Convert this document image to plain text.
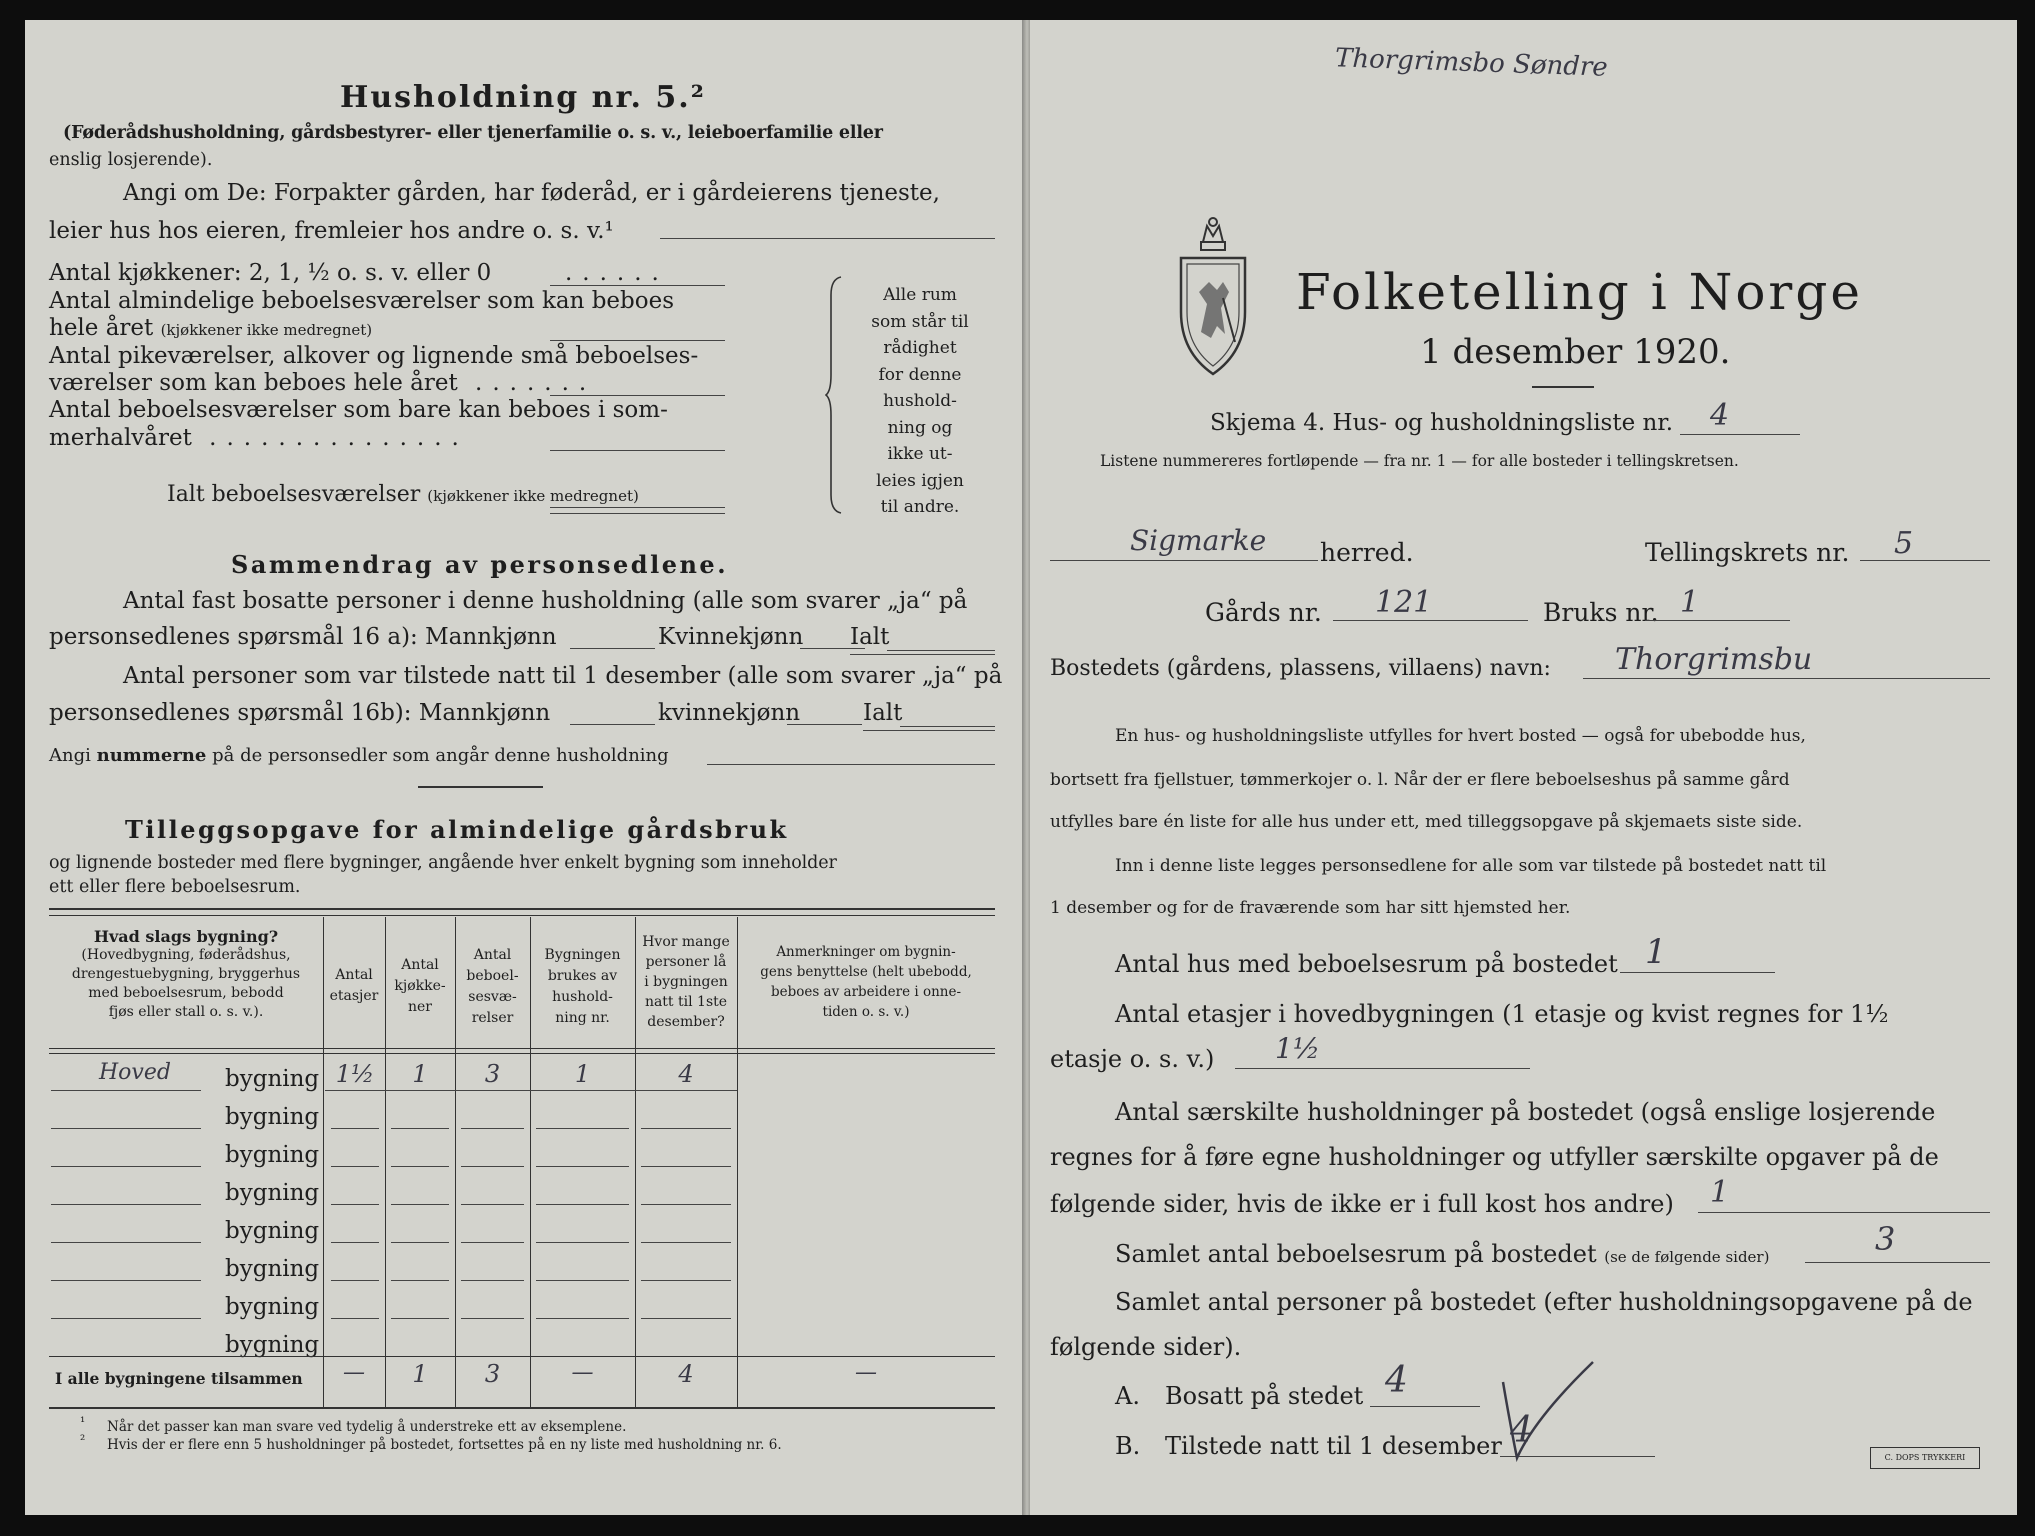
Husholdning nr. 5.²
(Føderådshusholdning, gårdsbestyrer- eller tjenerfamilie o. s. v., leieboerfamilie eller
enslig losjerende).
Angi om De: Forpakter gården, har føderåd, er i gårdeierens tjeneste,
leier hus hos eieren, fremleier hos andre o. s. v.¹
Antal kjøkkener: 2, 1, ½ o. s. v. eller 0	......
Antal almindelige beboelsesværelser som kan beboes
hele året (kjøkkener ikke medregnet)
Antal pikeværelser, alkover og lignende små beboelses-
værelser som kan beboes hele året .......
Antal beboelsesværelser som bare kan beboes i som-
merhalvåret ...............
Ialt beboelsesværelser (kjøkkener ikke medregnet)
Alle rum
som står til
rådighet
for denne
hushold-
ning og
ikke ut-
leies igjen
til andre.
Sammendrag av personsedlene.
Antal fast bosatte personer i denne husholdning (alle som svarer „ja“ på
personsedlenes spørsmål 16 a): Mannkjønn	Kvinnekjønn Ialt
Antal personer som var tilstede natt til 1 desember (alle som svarer „ja“ på
personsedlenes spørsmål 16b): Mannkjønn	kvinnekjønn	Ialt
Angi nummerne på de personsedler som angår denne husholdning
Tilleggsopgave for almindelige gårdsbruk
og lignende bosteder med flere bygninger, angående hver enkelt bygning som inneholder
ett eller flere beboelsesrum.
Hvad slags bygning?
(Hovedbygning, føderådshus,
drengestuebygning, bryggerhus
med beboelsesrum, bebodd
fjøs eller stall o. s. v.).
Antal
etasjer
Antal
kjøkke-
ner
Antal
beboel-
sesvæ-
relser
Bygningen
brukes av
hushold-
ning nr.
Hvor mange
personer lå
i bygningen
natt til 1ste
desember?
Anmerkninger om bygnin-
gens benyttelse (helt ubebodd,
beboes av arbeidere i onne-
tiden o. s. v.)
Hoved bygning 1½	1	3	1	4
bygning
bygning
bygning
bygning
bygning
bygning
bygning
I alle bygningene tilsammen	—	1	3	—	4	—
¹ Når det passer kan man svare ved tydelig å understreke ett av eksemplene.
² Hvis der er flere enn 5 husholdninger på bostedet, fortsettes på en ny liste med husholdning nr. 6.
Thorgrimsbo Søndre
Folketelling i Norge
1 desember 1920.
Skjema 4. Hus- og husholdningsliste nr. 4
Listene nummereres fortløpende — fra nr. 1 — for alle bosteder i tellingskretsen.
Sigmarke herred.	Tellingskrets nr. 5
Gårds nr. 121	Bruks nr. 1
Bostedets (gårdens, plassens, villaens) navn: Thorgrimsbu
En hus- og husholdningsliste utfylles for hvert bosted — også for ubebodde hus,
bortsett fra fjellstuer, tømmerkojer o. l. Når der er flere beboelseshus på samme gård
utfylles bare én liste for alle hus under ett, med tilleggsopgave på skjemaets siste side.
Inn i denne liste legges personsedlene for alle som var tilstede på bostedet natt til
1 desember og for de fraværende som har sitt hjemsted her.
Antal hus med beboelsesrum på bostedet 1
Antal etasjer i hovedbygningen (1 etasje og kvist regnes for 1½
etasje o. s. v.) 1½
Antal særskilte husholdninger på bostedet (også enslige losjerende
regnes for å føre egne husholdninger og utfyller særskilte opgaver på de
følgende sider, hvis de ikke er i full kost hos andre) 1
Samlet antal beboelsesrum på bostedet (se de følgende sider)	3
Samlet antal personer på bostedet (efter husholdningsopgavene på de
følgende sider).
A. Bosatt på stedet 4
B. Tilstede natt til 1 desember 4
C. DOPS TRYKKERI
